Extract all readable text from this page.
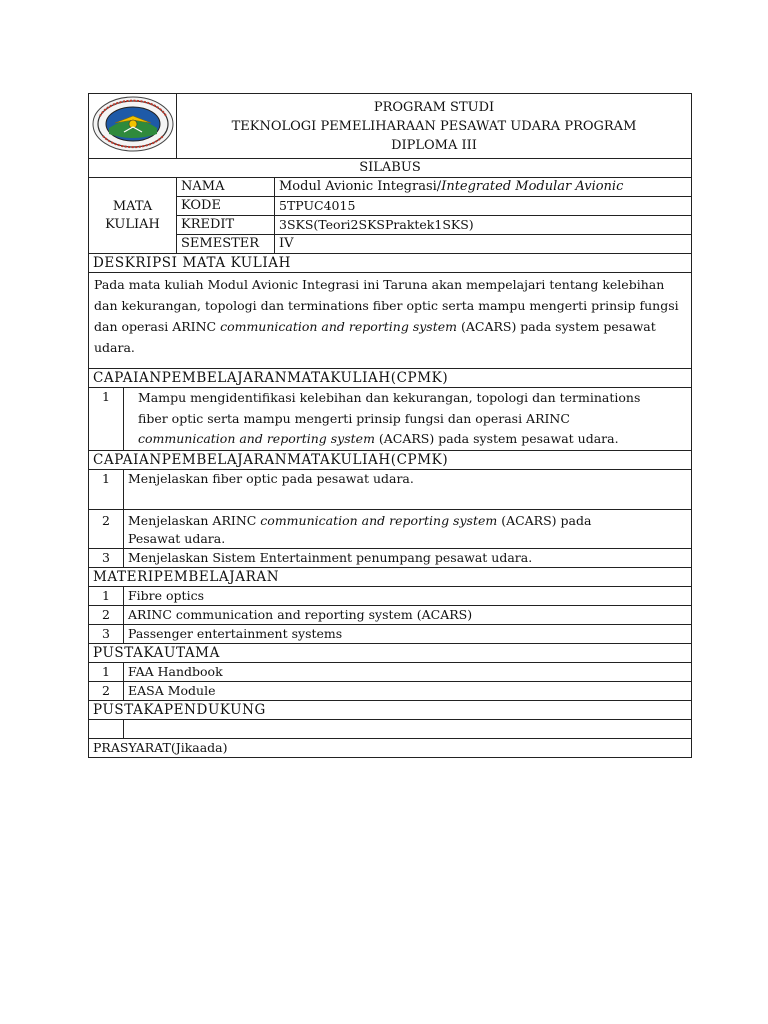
PROGRAM STUDI
TEKNOLOGI PEMELIHARAAN PESAWAT UDARA PROGRAM
DIPLOMA III
SILABUS		

MATA
KULIAH	NAMA	Modul Avionic Integrasi/Integrated Modular Avionic
	KODE	5TPUC4015
	KREDIT	3SKS(Teori2SKSPraktek1SKS)
	SEMESTER	IV
DESKRIPSI MATA KULIAH
Pada mata kuliah Modul Avionic Integrasi ini Taruna akan mempelajari tentang kelebihan dan kekurangan, topologi dan terminations fiber optic serta mampu mengerti prinsip fungsi dan operasi ARINC communication and reporting system (ACARS) pada system pesawat udara.
CAPAIANPEMBELAJARANMATAKULIAH(CPMK)
1	Mampu mengidentifikasi kelebihan dan kekurangan, topologi dan terminations fiber optic serta mampu mengerti prinsip fungsi dan operasi ARINC communication and reporting system (ACARS) pada system pesawat udara.
CAPAIANPEMBELAJARANMATAKULIAH(CPMK)	
1	Menjelaskan fiber optic pada pesawat udara.
2	Menjelaskan ARINC communication and reporting system (ACARS) pada Pesawat udara.
3	Menjelaskan Sistem Entertainment penumpang pesawat udara.
MATERIPEMBELAJARAN	
1	Fibre optics
2	ARINC communication and reporting system (ACARS)
3	Passenger entertainment systems
PUSTAKAUTAMA	
1	FAA Handbook
2	EASA Module
PUSTAKAPENDUKUNG	

PRASYARAT(Jikaada)	
